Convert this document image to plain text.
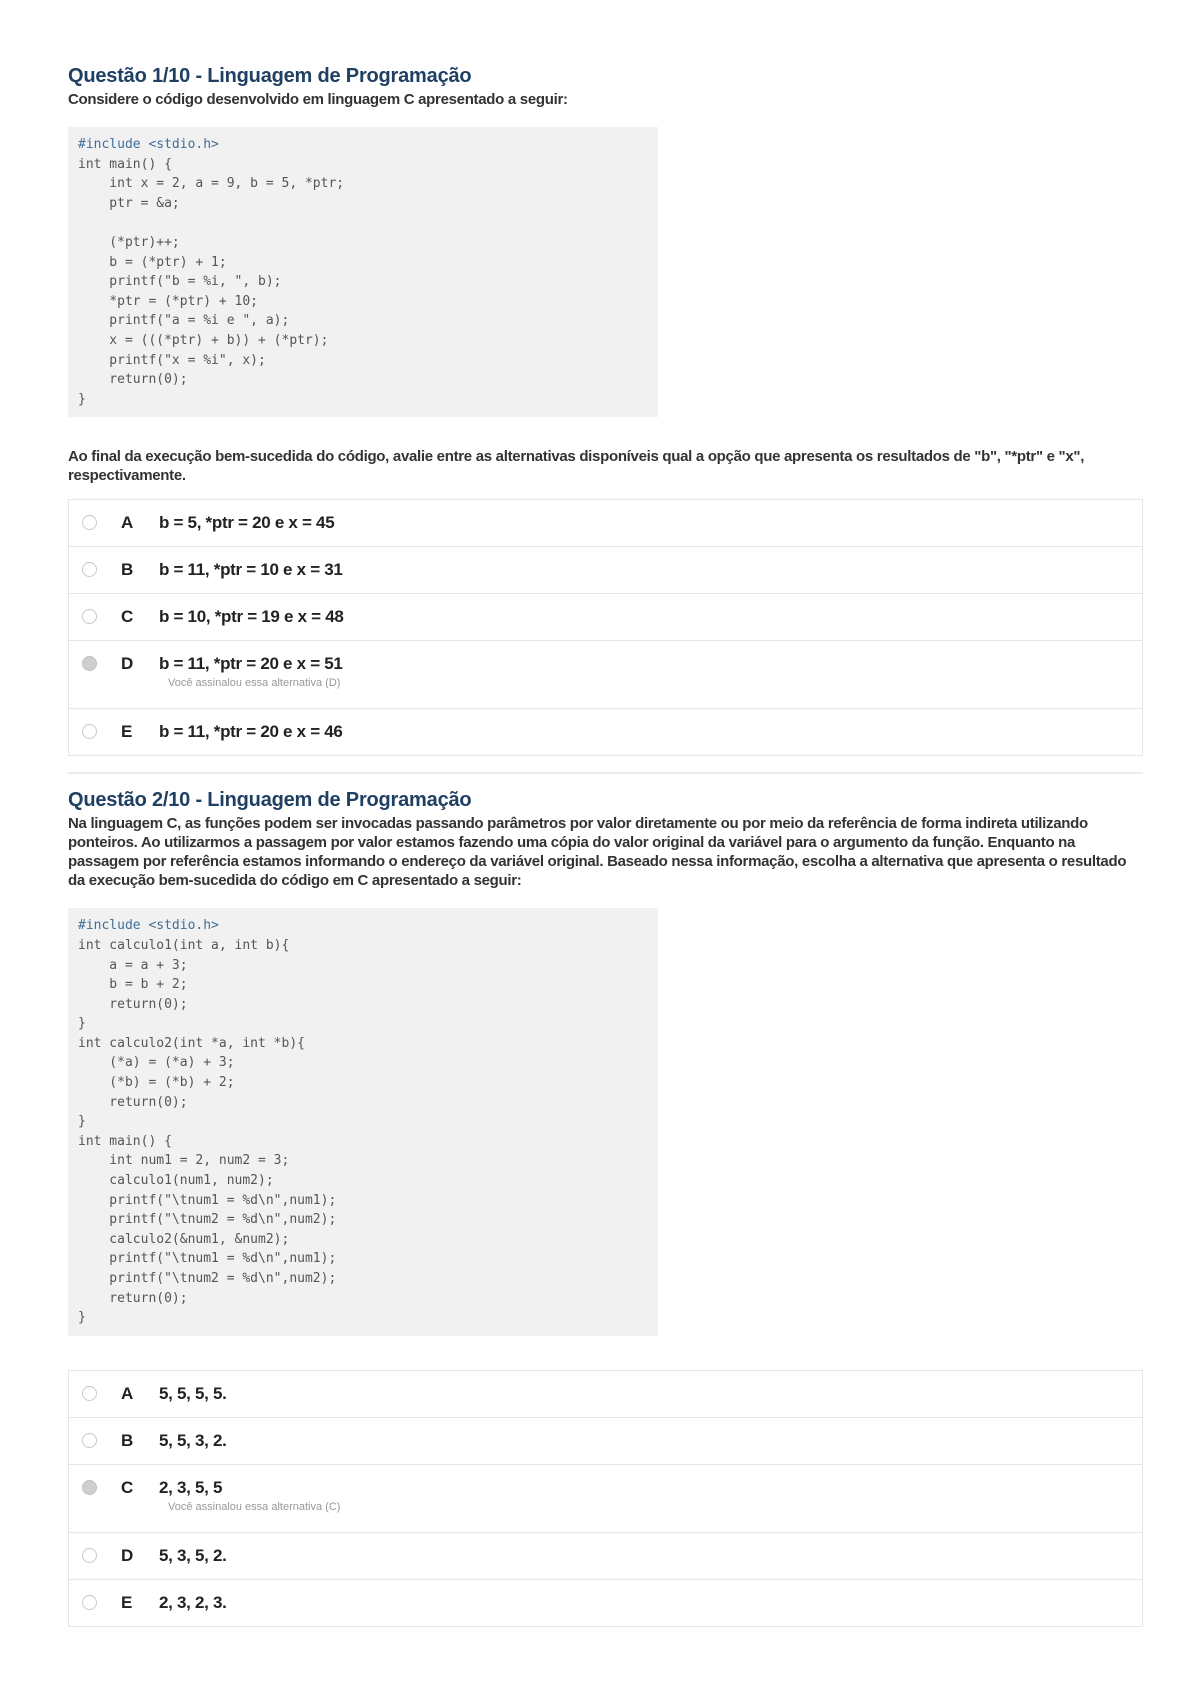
Questão 1/10 - Linguagem de Programação

Considere o código desenvolvido em linguagem C apresentado a seguir:

#include <stdio.h>
int main() {
int x = 2, a = 9, b = 5, *ptr;
ptr = &a;
(*ptr)++;
b = (*ptr) + 1;
printf("b = %i, ", b);
*ptr = (*ptr) + 10;
printf("a = %i e ", a);
x = (((*ptr) + b)) + (*ptr);
printf("x = %i", x);
return(0);
}

Ao final da execução bem-sucedida do código, avalie entre as alternativas disponíveis qual a opção que apresenta os resultados de "b", "*ptr" e "x", respectivamente.

A b = 5, *ptr = 20 e x = 45
B b = 11, *ptr = 10 e x = 31
C b = 10, *ptr = 19 e x = 48
D b = 11, *ptr = 20 e x = 51
Você assinalou essa alternativa (D)
E b = 11, *ptr = 20 e x = 46
Questão 2/10 - Linguagem de Programação

Na linguagem C, as funções podem ser invocadas passando parâmetros por valor diretamente ou por meio da referência de forma indireta utilizando ponteiros. Ao utilizarmos a passagem por valor estamos fazendo uma cópia do valor original da variável para o argumento da função. Enquanto na passagem por referência estamos informando o endereço da variável original. Baseado nessa informação, escolha a alternativa que apresenta o resultado da execução bem-sucedida do código em C apresentado a seguir:

#include <stdio.h>
int calculo1(int a, int b){
a = a + 3;
b = b + 2;
return(0);
}
int calculo2(int *a, int *b){
(*a) = (*a) + 3;
(*b) = (*b) + 2;
return(0);
}
int main() {
int num1 = 2, num2 = 3;
calculo1(num1, num2);
printf("\tnum1 = %d\n",num1);
printf("\tnum2 = %d\n",num2);
calculo2(&num1, &num2);
printf("\tnum1 = %d\n",num1);
printf("\tnum2 = %d\n",num2);
return(0);
}
A 5, 5, 5, 5.
B 5, 5, 3, 2.
C 2, 3, 5, 5
Você assinalou essa alternativa (C)
D 5, 3, 5, 2.
E 2, 3, 2, 3.
